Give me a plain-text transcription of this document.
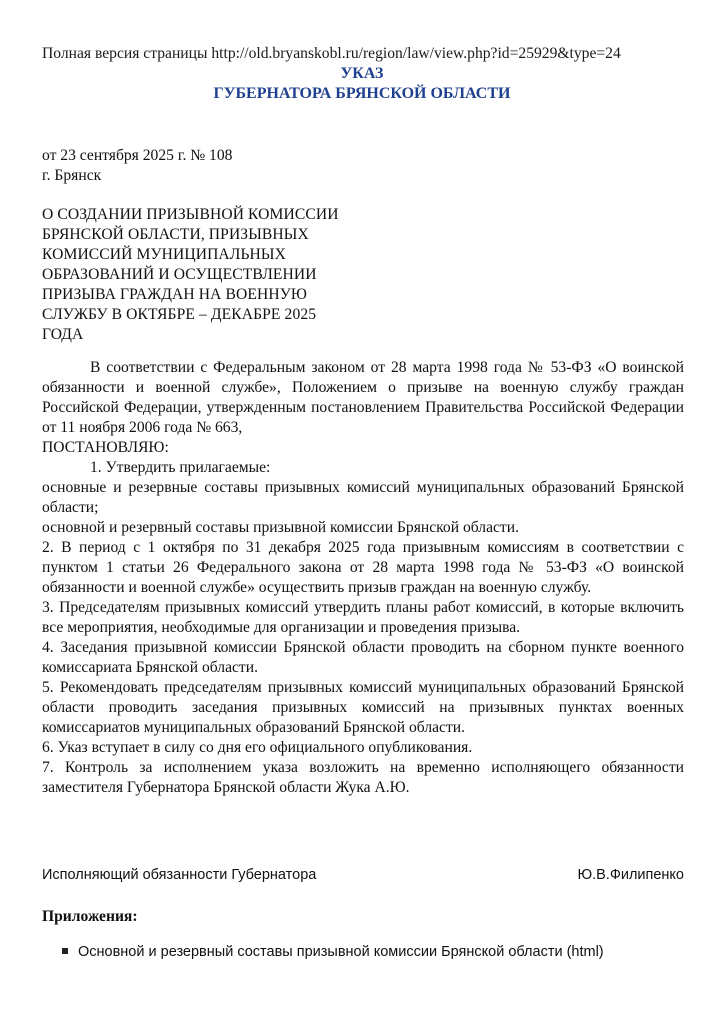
Полная версия страницы http://old.bryanskobl.ru/region/law/view.php?id=25929&type=24
УКАЗ
ГУБЕРНАТОРА БРЯНСКОЙ ОБЛАСТИ
от 23 сентября 2025 г. № 108
г. Брянск
О СОЗДАНИИ ПРИЗЫВНОЙ КОМИССИИ
БРЯНСКОЙ ОБЛАСТИ, ПРИЗЫВНЫХ
КОМИССИЙ МУНИЦИПАЛЬНЫХ
ОБРАЗОВАНИЙ И ОСУЩЕСТВЛЕНИИ
ПРИЗЫВА ГРАЖДАН НА ВОЕННУЮ
СЛУЖБУ В ОКТЯБРЕ – ДЕКАБРЕ 2025
ГОДА

В соответствии с Федеральным законом от 28 марта 1998 года № 53-ФЗ «О воинской обязанности и военной службе», Положением о призыве на военную службу граждан Российской Федерации, утвержденным постановлением Правительства Российской Федерации от 11 ноября 2006 года № 663,

ПОСТАНОВЛЯЮ:

1. Утвердить прилагаемые:

основные и резервные составы призывных комиссий муниципальных образований Брянской области;

основной и резервный составы призывной комиссии Брянской области.

2. В период с 1 октября по 31 декабря 2025 года призывным комиссиям в соответствии с пунктом 1 статьи 26 Федерального закона от 28 марта 1998 года № 53-ФЗ «О воинской обязанности и военной службе» осуществить призыв граждан на военную службу.

3. Председателям призывных комиссий утвердить планы работ комиссий, в которые включить все мероприятия, необходимые для организации и проведения призыва.

4. Заседания призывной комиссии Брянской области проводить на сборном пункте военного комиссариата Брянской области.

5. Рекомендовать председателям призывных комиссий муниципальных образований Брянской области проводить заседания призывных комиссий на призывных пунктах военных комиссариатов муниципальных образований Брянской области.

6. Указ вступает в силу со дня его официального опубликования.

7. Контроль за исполнением указа возложить на временно исполняющего обязанности заместителя Губернатора Брянской области Жука А.Ю.

Исполняющий обязанности Губернатора	Ю.В.Филипенко
Приложения:
Основной и резервный составы призывной комиссии Брянской области (html)
